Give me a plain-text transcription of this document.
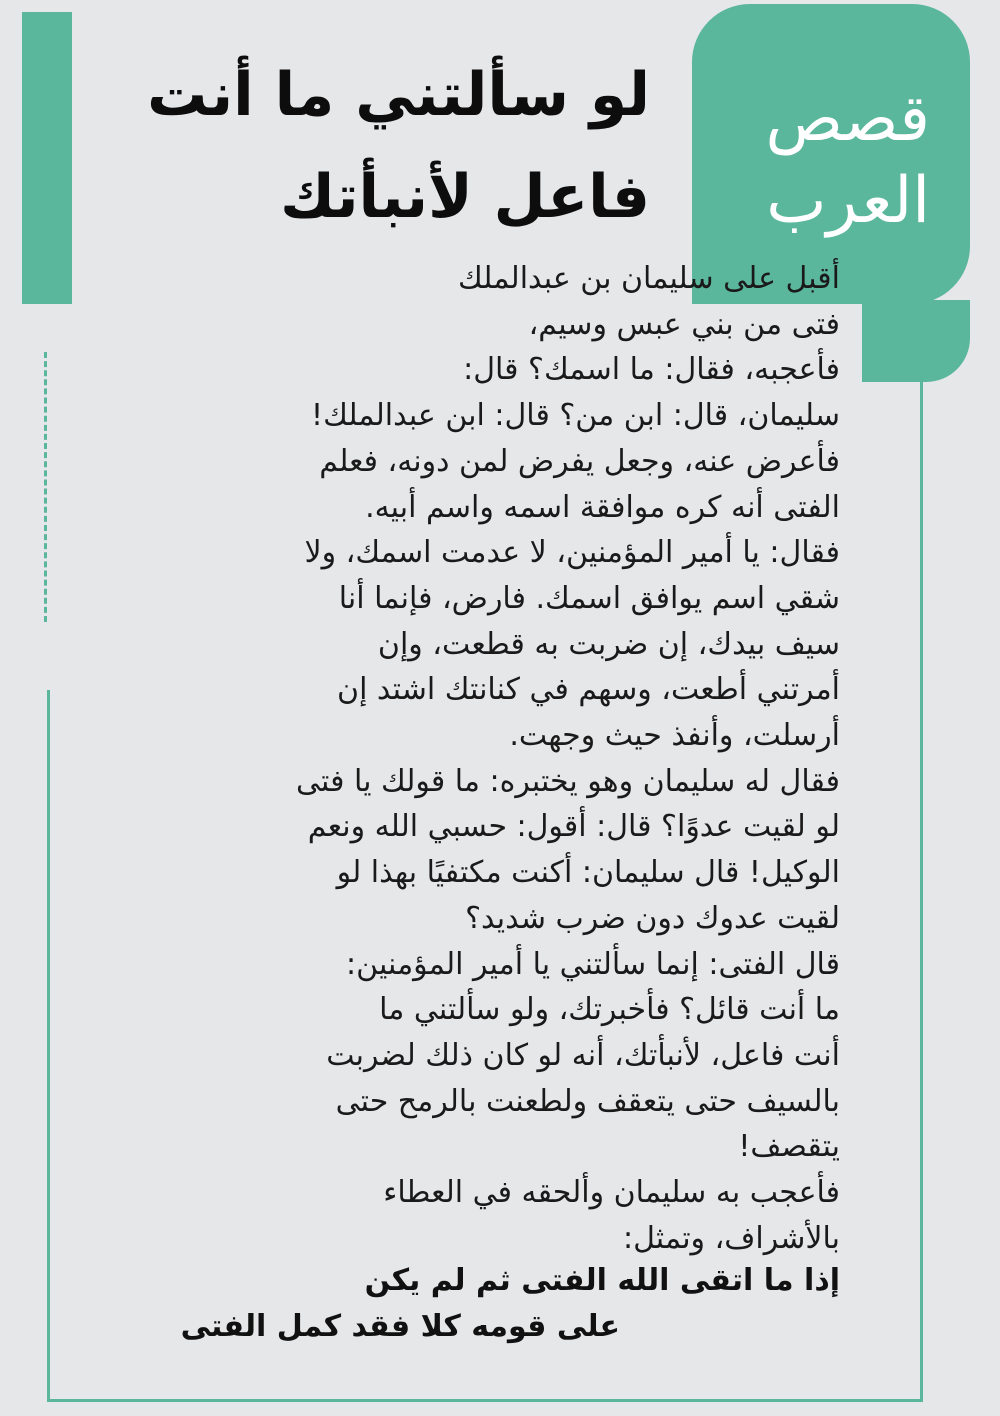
قصص
العرب
لو سألتني ما أنت
فاعل لأنبأتك
أقبل على سليمان بن عبدالملك
فتى من بني عبس وسيم،
فأعجبه، فقال: ما اسمك؟ قال:
سليمان، قال: ابن من؟ قال: ابن عبدالملك!
فأعرض عنه، وجعل يفرض لمن دونه، فعلم
الفتى أنه كره موافقة اسمه واسم أبيه.
فقال: يا أمير المؤمنين، لا عدمت اسمك، ولا
شقي اسم يوافق اسمك. فارض، فإنما أنا
سيف بيدك، إن ضربت به قطعت، وإن
أمرتني أطعت، وسهم في كنانتك اشتد إن
أرسلت، وأنفذ حيث وجهت.
فقال له سليمان وهو يختبره: ما قولك يا فتى
لو لقيت عدوًا؟ قال: أقول: حسبي الله ونعم
الوكيل! قال سليمان: أكنت مكتفيًا بهذا لو
لقيت عدوك دون ضرب شديد؟
قال الفتى: إنما سألتني يا أمير المؤمنين:
ما أنت قائل؟ فأخبرتك، ولو سألتني ما
أنت فاعل، لأنبأتك، أنه لو كان ذلك لضربت
بالسيف حتى يتعقف ولطعنت بالرمح حتى
يتقصف!
فأعجب به سليمان وألحقه في العطاء
بالأشراف، وتمثل:
إذا ما اتقى الله الفتى ثم لم يكن
على قومه كلا فقد كمل الفتى
